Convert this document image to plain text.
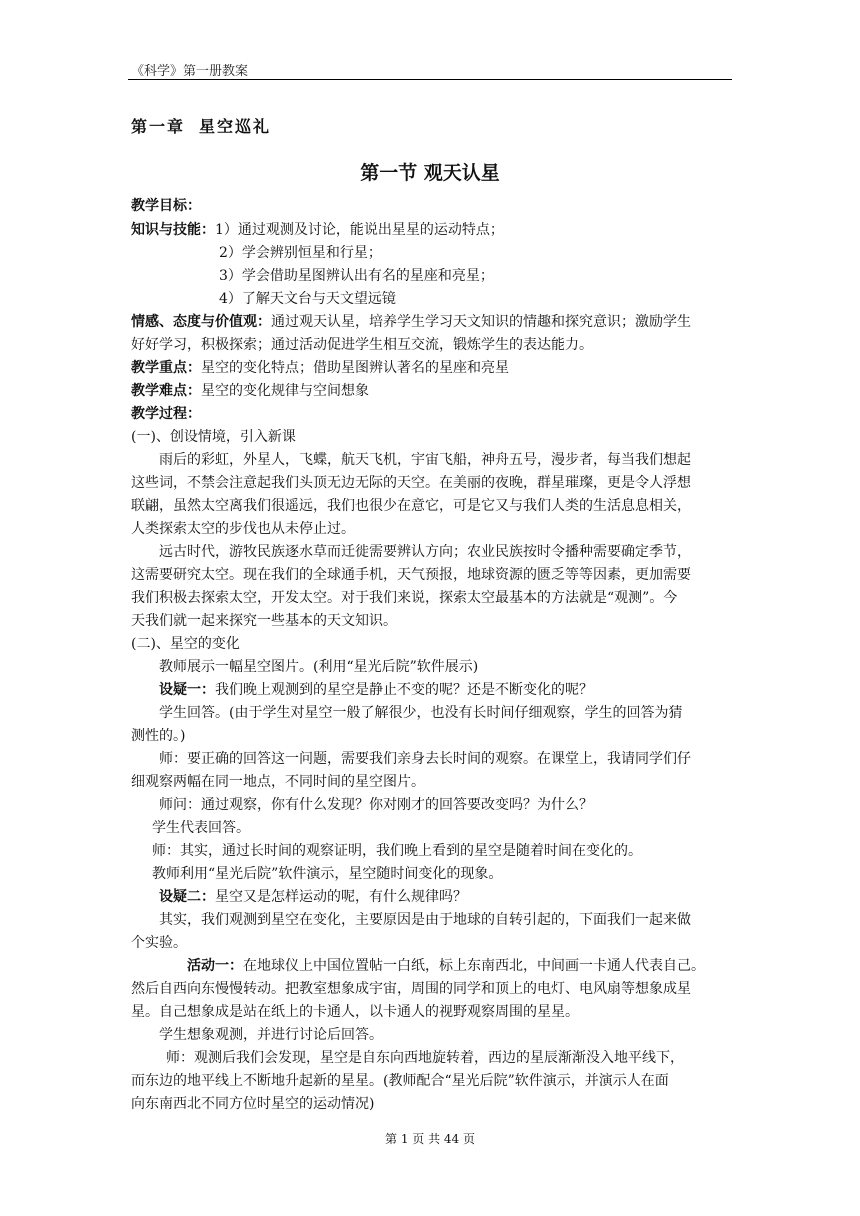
《科学》第一册教案
第一章 星空巡礼
第一节 观天认星
教学目标：
知识与技能：1）通过观测及讨论，能说出星星的运动特点；
2）学会辨别恒星和行星；
3）学会借助星图辨认出有名的星座和亮星；
4）了解天文台与天文望远镜
情感、态度与价值观：通过观天认星，培养学生学习天文知识的情趣和探究意识；激励学生
好好学习，积极探索；通过活动促进学生相互交流，锻炼学生的表达能力。
教学重点：星空的变化特点；借助星图辨认著名的星座和亮星
教学难点：星空的变化规律与空间想象
教学过程：
(一)、创设情境，引入新课
雨后的彩虹，外星人，飞蝶，航天飞机，宇宙飞船，神舟五号，漫步者，每当我们想起
这些词，不禁会注意起我们头顶无边无际的天空。在美丽的夜晚，群星璀璨，更是令人浮想
联翩，虽然太空离我们很遥远，我们也很少在意它，可是它又与我们人类的生活息息相关，
人类探索太空的步伐也从未停止过。
远古时代，游牧民族逐水草而迁徙需要辨认方向；农业民族按时令播种需要确定季节，
这需要研究太空。现在我们的全球通手机，天气预报，地球资源的匮乏等等因素，更加需要
我们积极去探索太空，开发太空。对于我们来说，探索太空最基本的方法就是“观测”。今
天我们就一起来探究一些基本的天文知识。
(二)、星空的变化
教师展示一幅星空图片。(利用“星光后院”软件展示)
设疑一：我们晚上观测到的星空是静止不变的呢？还是不断变化的呢？
学生回答。(由于学生对星空一般了解很少，也没有长时间仔细观察，学生的回答为猜
测性的。)
师：要正确的回答这一问题，需要我们亲身去长时间的观察。在课堂上，我请同学们仔
细观察两幅在同一地点，不同时间的星空图片。
师问：通过观察，你有什么发现？你对刚才的回答要改变吗？为什么？
学生代表回答。
师：其实，通过长时间的观察证明，我们晚上看到的星空是随着时间在变化的。
教师利用“星光后院”软件演示，星空随时间变化的现象。
设疑二：星空又是怎样运动的呢，有什么规律吗？
其实，我们观测到星空在变化，主要原因是由于地球的自转引起的，下面我们一起来做
个实验。
活动一：在地球仪上中国位置帖一白纸，标上东南西北，中间画一卡通人代表自己。
然后自西向东慢慢转动。把教室想象成宇宙，周围的同学和顶上的电灯、电风扇等想象成星
星。自己想象成是站在纸上的卡通人，以卡通人的视野观察周围的星星。
学生想象观测，并进行讨论后回答。
师：观测后我们会发现，星空是自东向西地旋转着，西边的星辰渐渐没入地平线下，
而东边的地平线上不断地升起新的星星。(教师配合“星光后院”软件演示，并演示人在面
向东南西北不同方位时星空的运动情况)
第 1 页 共 44 页
